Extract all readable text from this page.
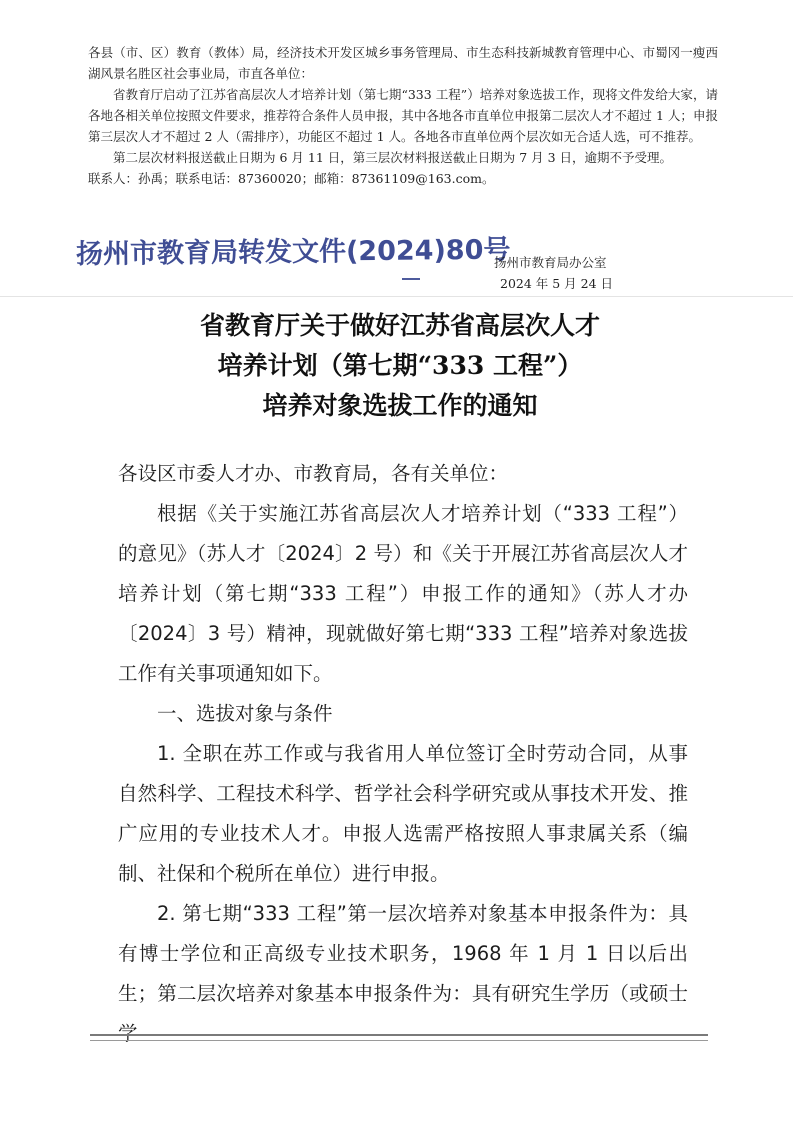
各县（市、区）教育（教体）局，经济技术开发区城乡事务管理局、市生态科技新城教育管理中心、市蜀冈一瘦西湖风景名胜区社会事业局，市直各单位：

省教育厅启动了江苏省高层次人才培养计划（第七期“333 工程”）培养对象选拔工作，现将文件发给大家，请各地各相关单位按照文件要求，推荐符合条件人员申报，其中各地各市直单位申报第二层次人才不超过 1 人；申报第三层次人才不超过 2 人（需排序），功能区不超过 1 人。各地各市直单位两个层次如无合适人选，可不推荐。

第二层次材料报送截止日期为 6 月 11 日，第三层次材料报送截止日期为 7 月 3 日，逾期不予受理。

联系人：孙禹；联系电话：87360020；邮箱：87361109@163.com。

扬州市教育局转发文件(2024)80号
扬州市教育局办公室
2024 年 5 月 24 日
省教育厅关于做好江苏省高层次人才
培养计划（第七期“333 工程”）
培养对象选拔工作的通知

各设区市委人才办、市教育局，各有关单位：

根据《关于实施江苏省高层次人才培养计划（“333 工程”）的意见》（苏人才〔2024〕2 号）和《关于开展江苏省高层次人才培养计划（第七期“333 工程”）申报工作的通知》（苏人才办〔2024〕3 号）精神，现就做好第七期“333 工程”培养对象选拔工作有关事项通知如下。

一、选拔对象与条件

1. 全职在苏工作或与我省用人单位签订全时劳动合同，从事自然科学、工程技术科学、哲学社会科学研究或从事技术开发、推广应用的专业技术人才。申报人选需严格按照人事隶属关系（编制、社保和个税所在单位）进行申报。

2. 第七期“333 工程”第一层次培养对象基本申报条件为：具有博士学位和正高级专业技术职务，1968 年 1 月 1 日以后出生；第二层次培养对象基本申报条件为：具有研究生学历（或硕士学
